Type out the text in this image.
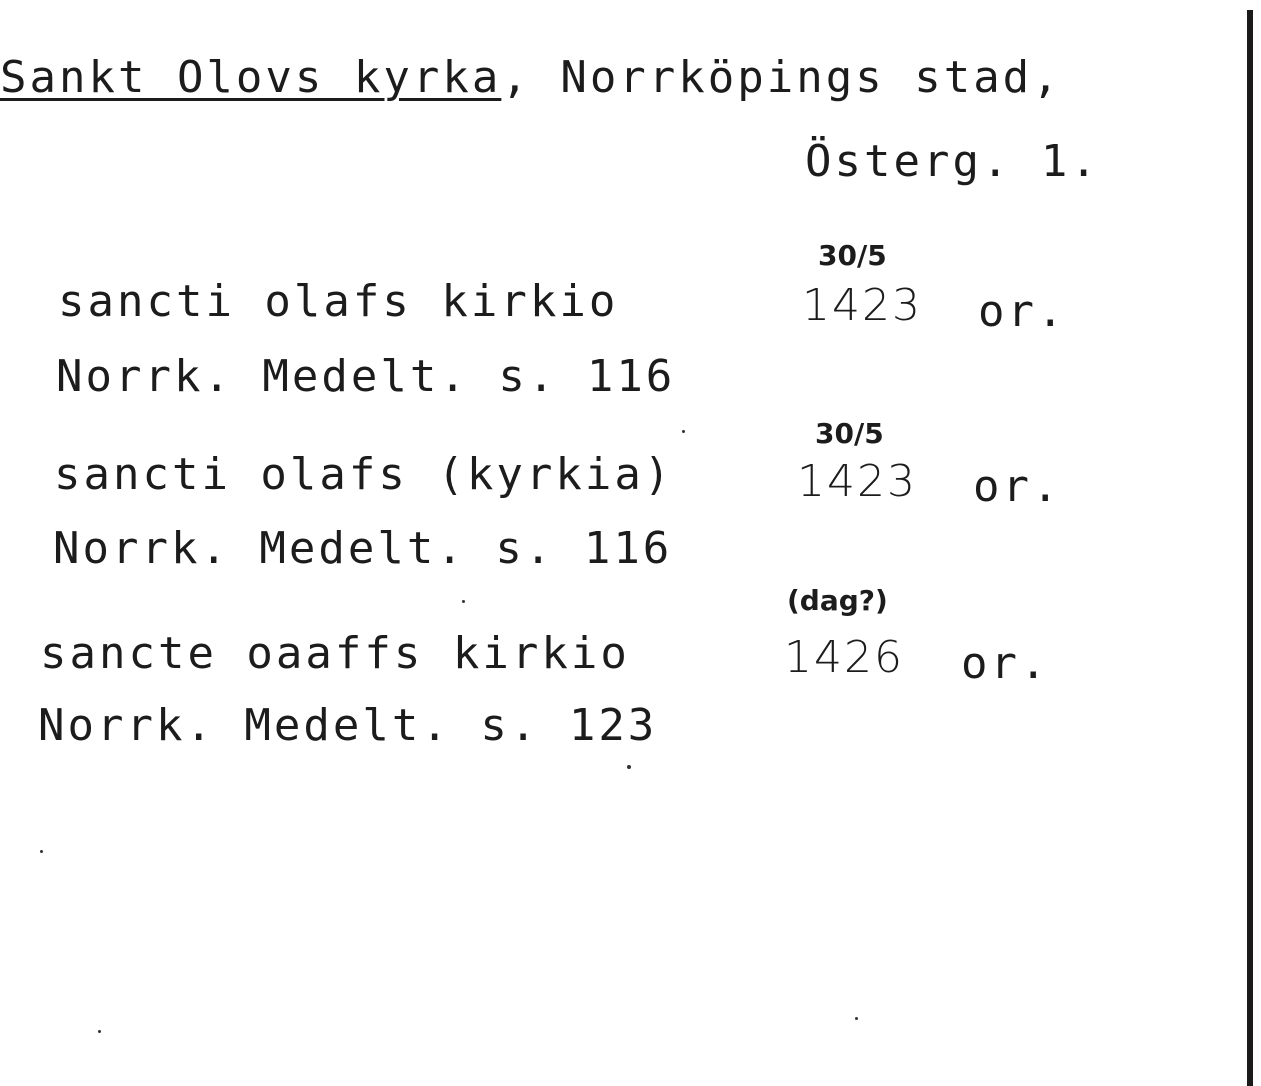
Sankt Olovs kyrka, Norrköpings stad,
Österg. 1.
30/5
sancti olafs kirkio	1423 or.
Norrk. Medelt. s. 116
30/5
sancti olafs (kyrkia)	1423 or.
Norrk. Medelt. s. 116
(dag?)
sancte oaaffs kirkio	1426 or.
Norrk. Medelt. s. 123
